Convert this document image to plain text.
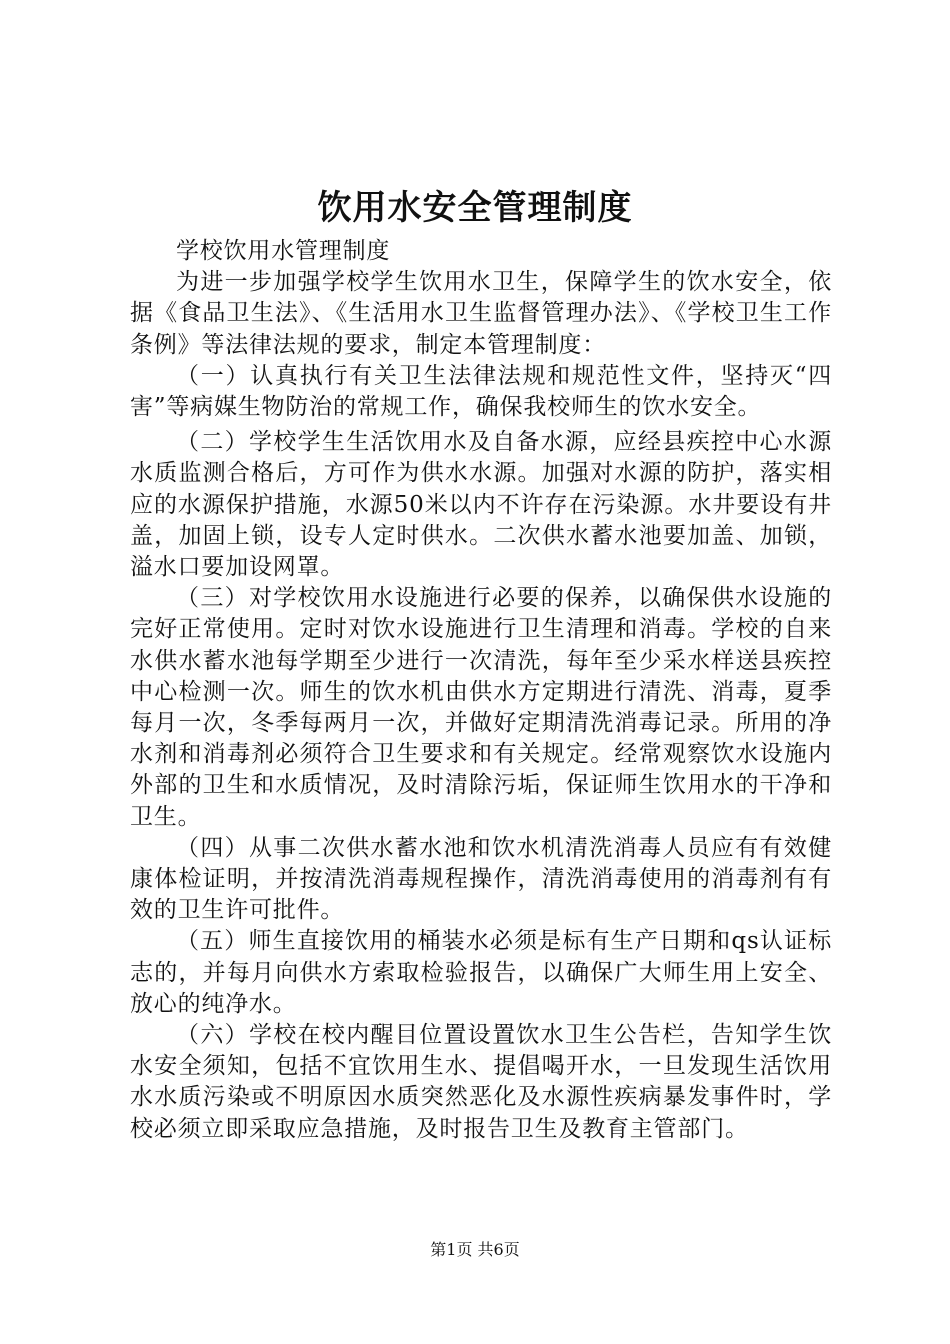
饮用水安全管理制度

学校饮用水管理制度

为进一步加强学校学生饮用水卫生，保障学生的饮水安全，依据《食品卫生法》、《生活用水卫生监督管理办法》、《学校卫生工作条例》等法律法规的要求，制定本管理制度：

（一）认真执行有关卫生法律法规和规范性文件，坚持灭“四害”等病媒生物防治的常规工作，确保我校师生的饮水安全。

（二）学校学生生活饮用水及自备水源，应经县疾控中心水源水质监测合格后，方可作为供水水源。加强对水源的防护，落实相应的水源保护措施，水源50米以内不许存在污染源。水井要设有井盖，加固上锁，设专人定时供水。二次供水蓄水池要加盖、加锁，溢水口要加设网罩。

（三）对学校饮用水设施进行必要的保养，以确保供水设施的完好正常使用。定时对饮水设施进行卫生清理和消毒。学校的自来水供水蓄水池每学期至少进行一次清洗，每年至少采水样送县疾控中心检测一次。师生的饮水机由供水方定期进行清洗、消毒，夏季每月一次，冬季每两月一次，并做好定期清洗消毒记录。所用的净水剂和消毒剂必须符合卫生要求和有关规定。经常观察饮水设施内外部的卫生和水质情况，及时清除污垢，保证师生饮用水的干净和卫生。

（四）从事二次供水蓄水池和饮水机清洗消毒人员应有有效健康体检证明，并按清洗消毒规程操作，清洗消毒使用的消毒剂有有效的卫生许可批件。

（五）师生直接饮用的桶装水必须是标有生产日期和qs认证标志的，并每月向供水方索取检验报告，以确保广大师生用上安全、放心的纯净水。

（六）学校在校内醒目位置设置饮水卫生公告栏，告知学生饮水安全须知，包括不宜饮用生水、提倡喝开水，一旦发现生活饮用水水质污染或不明原因水质突然恶化及水源性疾病暴发事件时，学校必须立即采取应急措施，及时报告卫生及教育主管部门。

第1页 共6页
